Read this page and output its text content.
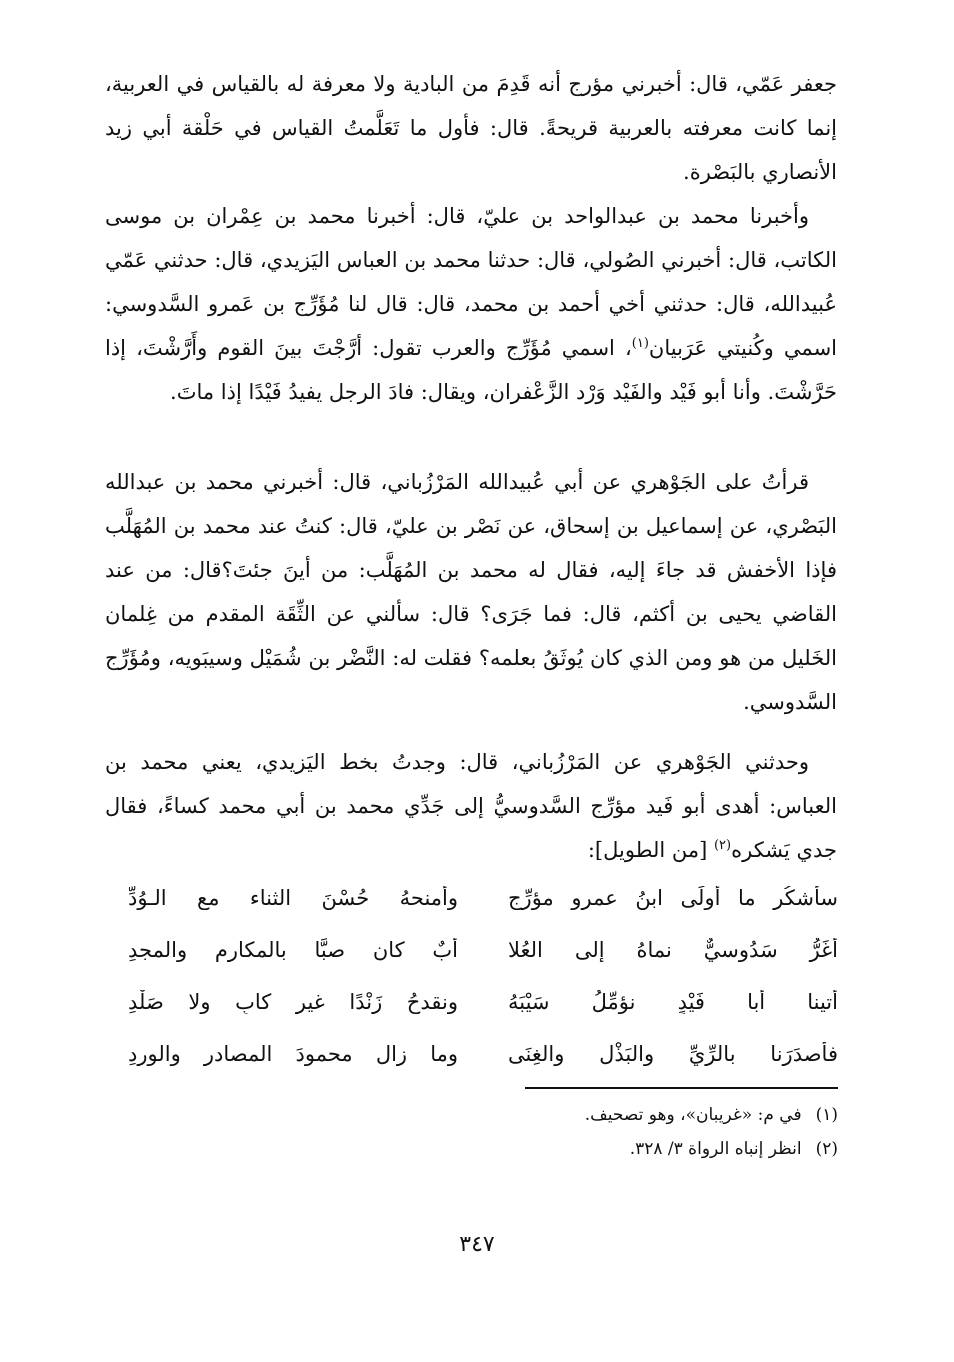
جعفر عَمّي، قال: أخبرني مؤرج أنه قَدِمَ من البادية ولا معرفة له بالقياس في العربية، إنما كانت معرفته بالعربية قريحةً. قال: فأول ما تَعَلَّمتُ القياس في حَلْقة أبي زيد الأنصاري بالبَصْرة.

وأخبرنا محمد بن عبدالواحد بن عليّ، قال: أخبرنا محمد بن عِمْران بن موسى الكاتب، قال: أخبرني الصُولي، قال: حدثنا محمد بن العباس اليَزيدي، قال: حدثني عَمّي عُبيدالله، قال: حدثني أخي أحمد بن محمد، قال: قال لنا مُؤَرِّج بن عَمرو السَّدوسي: اسمي وكُنيتي عَرَبيان$^{(١)}$، اسمي مُؤَرِّج والعرب تقول: أرَّجْتَ بينَ القوم وأَرَّشْتَ، إذا حَرَّشْتَ. وأنا أبو فَيْد والفَيْد وَرْد الزَّعْفران، ويقال: فادَ الرجل يفيدُ فَيْدًا إذا ماتَ.

قرأتُ على الجَوْهري عن أبي عُبيدالله المَرْزُباني، قال: أخبرني محمد بن عبدالله البَصْري، عن إسماعيل بن إسحاق، عن نَصْر بن عليّ، قال: كنتُ عند محمد بن المُهَلَّب فإذا الأخفش قد جاءَ إليه، فقال له محمد بن المُهَلَّب: من أينَ جئتَ؟قال: من عند القاضي يحيى بن أكثم، قال: فما جَرَى؟ قال: سألني عن الثِّقَة المقدم من غِلمان الخَليل من هو ومن الذي كان يُوثَقُ بعلمه؟ فقلت له: النَّضْر بن شُمَيْل وسيبَويه، ومُؤَرِّج السَّدوسي.

وحدثني الجَوْهري عن المَرْزُباني، قال: وجدتُ بخط اليَزيدي، يعني محمد بن العباس: أهدى أبو فَيد مؤرِّج السَّدوسيُّ إلى جَدِّي محمد بن أبي محمد كساءً، فقال جدي يَشكره$^{(٢)}$ [من الطويل]:

سأشكُر ما أولَى ابنُ عمرو مؤرِّج
وأمنحهُ حُسْنَ الثناء مع الـوُدِّ
أغَرُّ سَدُوسيٌّ نماهُ إلى العُلا
أبٌ كان صبًّا بالمكارم والمجدِ
أتينا أبا فَيْدٍ نؤمِّلُ سَيْبَهُ
ونقدحُ زَنْدًا غير كابٍ ولا صَلْدِ
فأصدَرَنا بالرِّيِّ والبَذْلِ والغِنَى
وما زال محمودَ المصادرِ والوِردِ
(١)
في م: «غريبان»، وهو تصحيف.
(٢)
انظر إنباه الرواة ٣/ ٣٢٨.
٣٤٧
